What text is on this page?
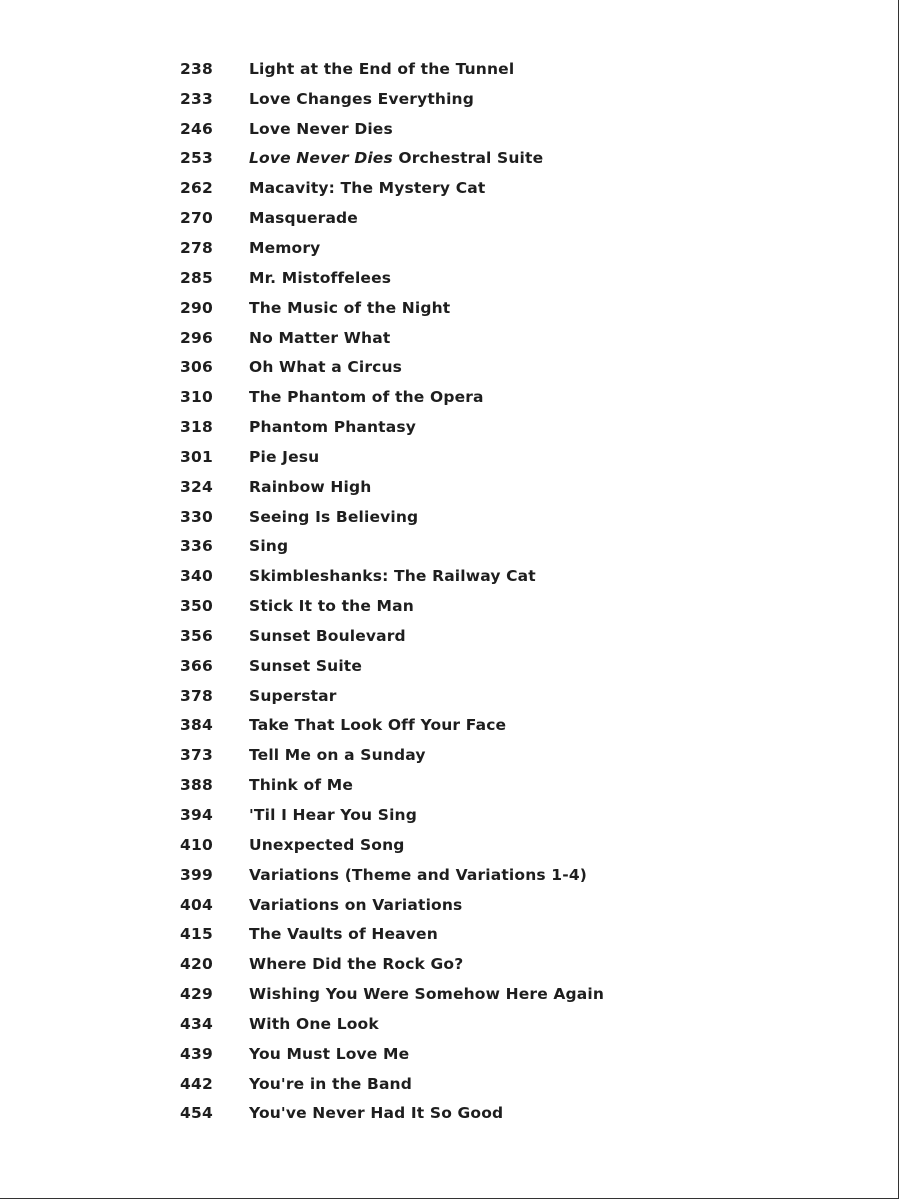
238	Light at the End of the Tunnel
233	Love Changes Everything
246	Love Never Dies
253	Love Never Dies Orchestral Suite
262	Macavity: The Mystery Cat
270	Masquerade
278	Memory
285	Mr. Mistoffelees
290	The Music of the Night
296	No Matter What
306	Oh What a Circus
310	The Phantom of the Opera
318	Phantom Phantasy
301	Pie Jesu
324	Rainbow High
330	Seeing Is Believing
336	Sing
340	Skimbleshanks: The Railway Cat
350	Stick It to the Man
356	Sunset Boulevard
366	Sunset Suite
378	Superstar
384	Take That Look Off Your Face
373	Tell Me on a Sunday
388	Think of Me
394	'Til I Hear You Sing
410	Unexpected Song
399	Variations (Theme and Variations 1-4)
404	Variations on Variations
415	The Vaults of Heaven
420	Where Did the Rock Go?
429	Wishing You Were Somehow Here Again
434	With One Look
439	You Must Love Me
442	You're in the Band
454	You've Never Had It So Good
